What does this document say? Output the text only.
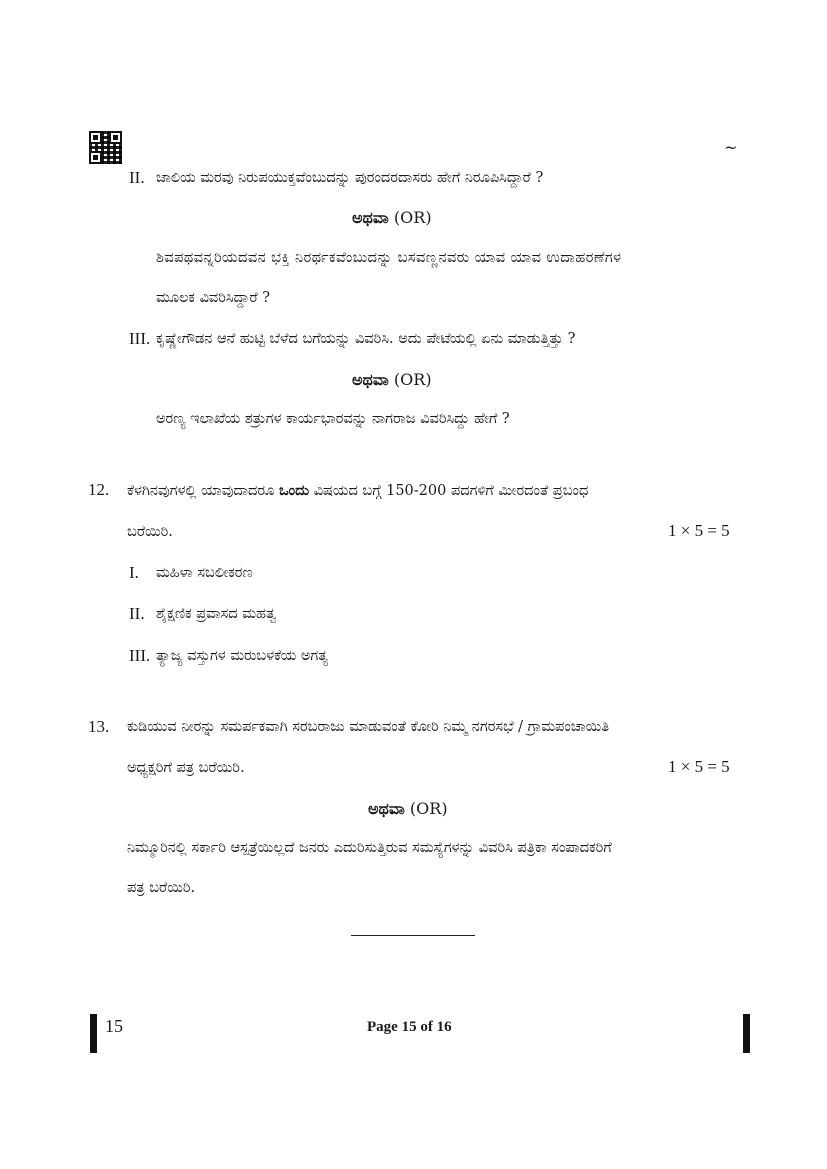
~
II. ಜಾಲಿಯ ಮರವು ನಿರುಪಯುಕ್ತವೆಂಬುದನ್ನು ಪುರಂದರದಾಸರು ಹೇಗೆ ನಿರೂಪಿಸಿದ್ದಾರೆ ?
ಅಥವಾ (OR)
ಶಿವಪಥವನ್ನರಿಯದವನ ಭಕ್ತಿ ನಿರರ್ಥಕವೆಂಬುದನ್ನು ಬಸವಣ್ಣನವರು ಯಾವ ಯಾವ ಉದಾಹರಣೆಗಳ
ಮೂಲಕ ವಿವರಿಸಿದ್ದಾರೆ ?
III. ಕೃಷ್ಣೇಗೌಡನ ಆನೆ ಹುಟ್ಟಿ ಬೆಳೆದ ಬಗೆಯನ್ನು ವಿವರಿಸಿ. ಅದು ಪೇಟೆಯಲ್ಲಿ ಏನು ಮಾಡುತ್ತಿತ್ತು ?
ಅಥವಾ (OR)
ಅರಣ್ಯ ಇಲಾಖೆಯ ಶತ್ರುಗಳ ಕಾರ್ಯಭಾರವನ್ನು ನಾಗರಾಜ ವಿವರಿಸಿದ್ದು ಹೇಗೆ ?
12. ಕೆಳಗಿನವುಗಳಲ್ಲಿ ಯಾವುದಾದರೂ ಒಂದು ವಿಷಯದ ಬಗ್ಗೆ 150-200 ಪದಗಳಿಗೆ ಮೀರದಂತೆ ಪ್ರಬಂಧ
ಬರೆಯಿರಿ.	1 × 5 = 5
I. ಮಹಿಳಾ ಸಬಲೀಕರಣ
II. ಶೈಕ್ಷಣಿಕ ಪ್ರವಾಸದ ಮಹತ್ವ
III. ತ್ಯಾಜ್ಯ ವಸ್ತುಗಳ ಮರುಬಳಕೆಯ ಅಗತ್ಯ
13. ಕುಡಿಯುವ ನೀರನ್ನು ಸಮರ್ಪಕವಾಗಿ ಸರಬರಾಜು ಮಾಡುವಂತೆ ಕೋರಿ ನಿಮ್ಮ ನಗರಸಭೆ / ಗ್ರಾಮಪಂಚಾಯಿತಿ
ಅಧ್ಯಕ್ಷರಿಗೆ ಪತ್ರ ಬರೆಯಿರಿ.	1 × 5 = 5
ಅಥವಾ (OR)
ನಿಮ್ಮೂರಿನಲ್ಲಿ ಸರ್ಕಾರಿ ಆಸ್ಪತ್ರೆಯಿಲ್ಲದೆ ಜನರು ಎದುರಿಸುತ್ತಿರುವ ಸಮಸ್ಯೆಗಳನ್ನು ವಿವರಿಸಿ ಪತ್ರಿಕಾ ಸಂಪಾದಕರಿಗೆ
ಪತ್ರ ಬರೆಯಿರಿ.
15	Page 15 of 16
